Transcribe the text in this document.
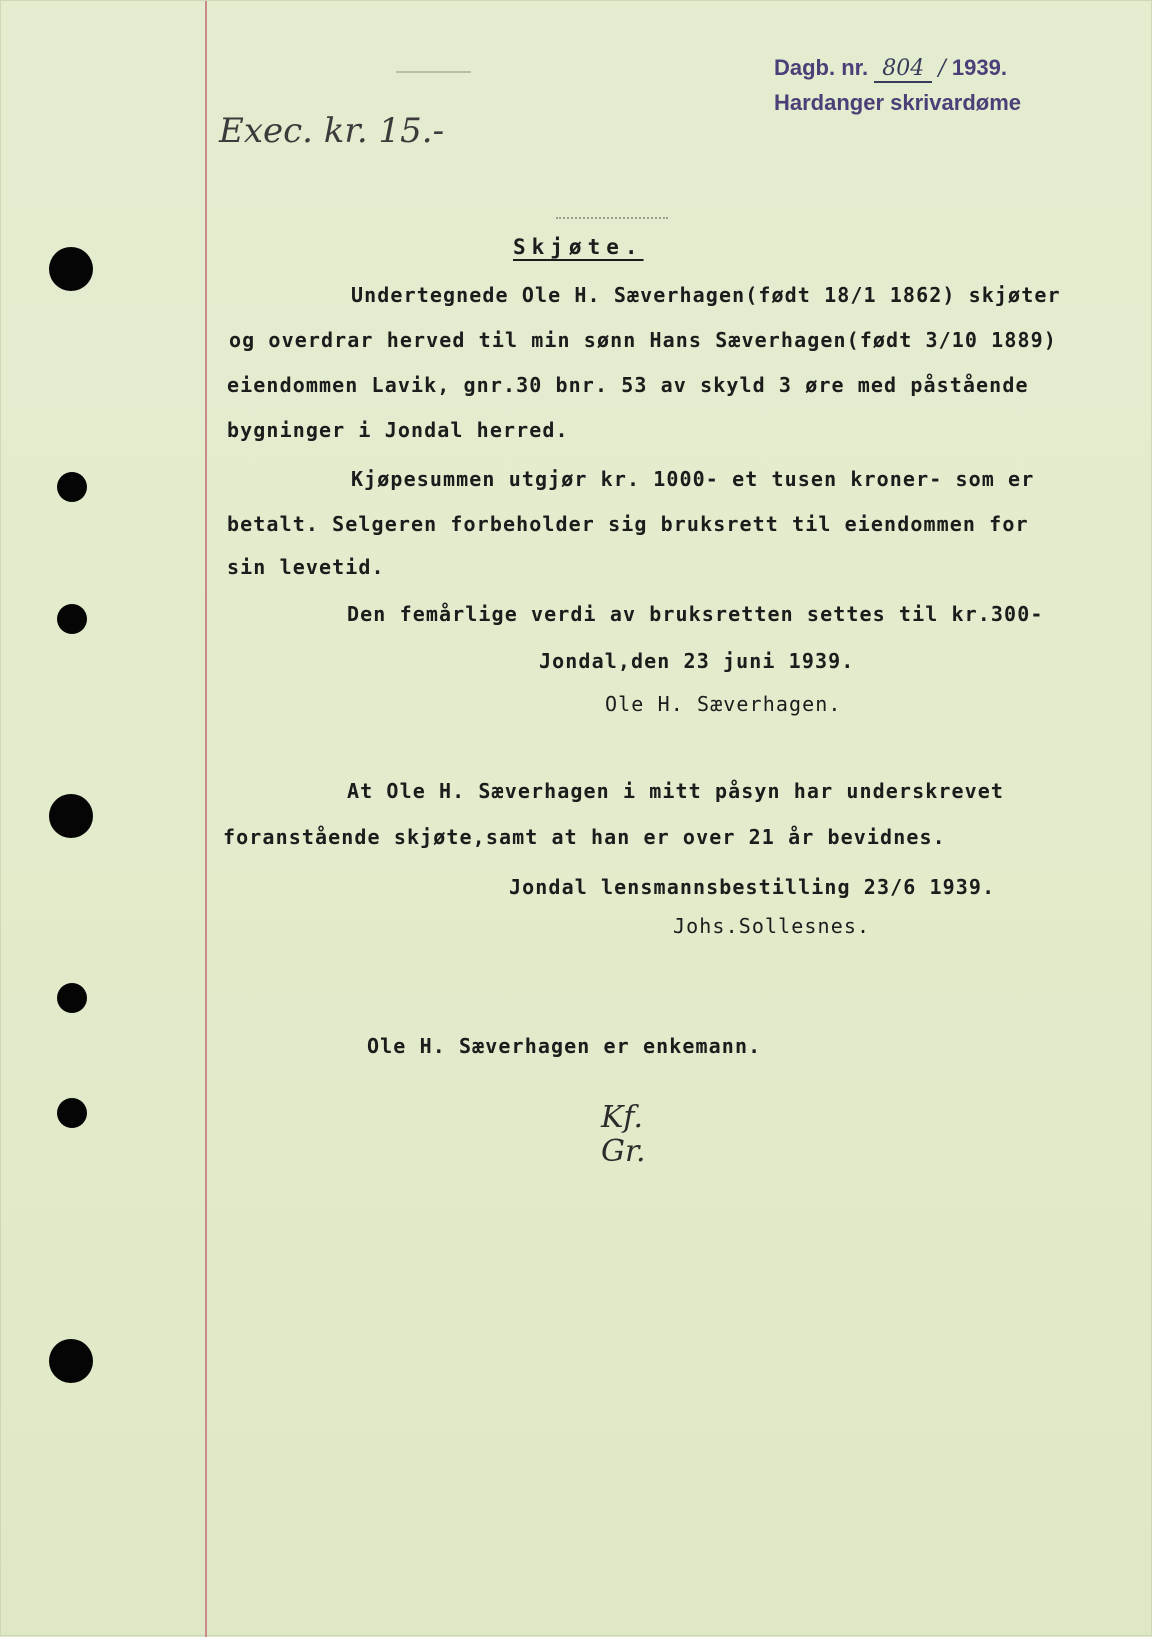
Dagb. nr. 804 / 1939.
Hardanger skrivardøme
Exec. kr. 15.-
Skjøte.
Undertegnede Ole H. Sæverhagen(født 18/1 1862) skjøter
og overdrar herved til min sønn Hans Sæverhagen(født 3/10 1889)
eiendommen Lavik, gnr.30 bnr. 53 av skyld 3 øre med påstående
bygninger i Jondal herred.
Kjøpesummen utgjør kr. 1000- et tusen kroner- som er
betalt. Selgeren forbeholder sig bruksrett til eiendommen for
sin levetid.
Den femårlige verdi av bruksretten settes til kr.300-
Jondal,den 23 juni 1939.
Ole H. Sæverhagen.
At Ole H. Sæverhagen i mitt påsyn har underskrevet
foranstående skjøte,samt at han er over 21 år bevidnes.
Jondal lensmannsbestilling 23/6 1939.
Johs.Sollesnes.
Ole H. Sæverhagen er enkemann.
Kf.
Gr.
